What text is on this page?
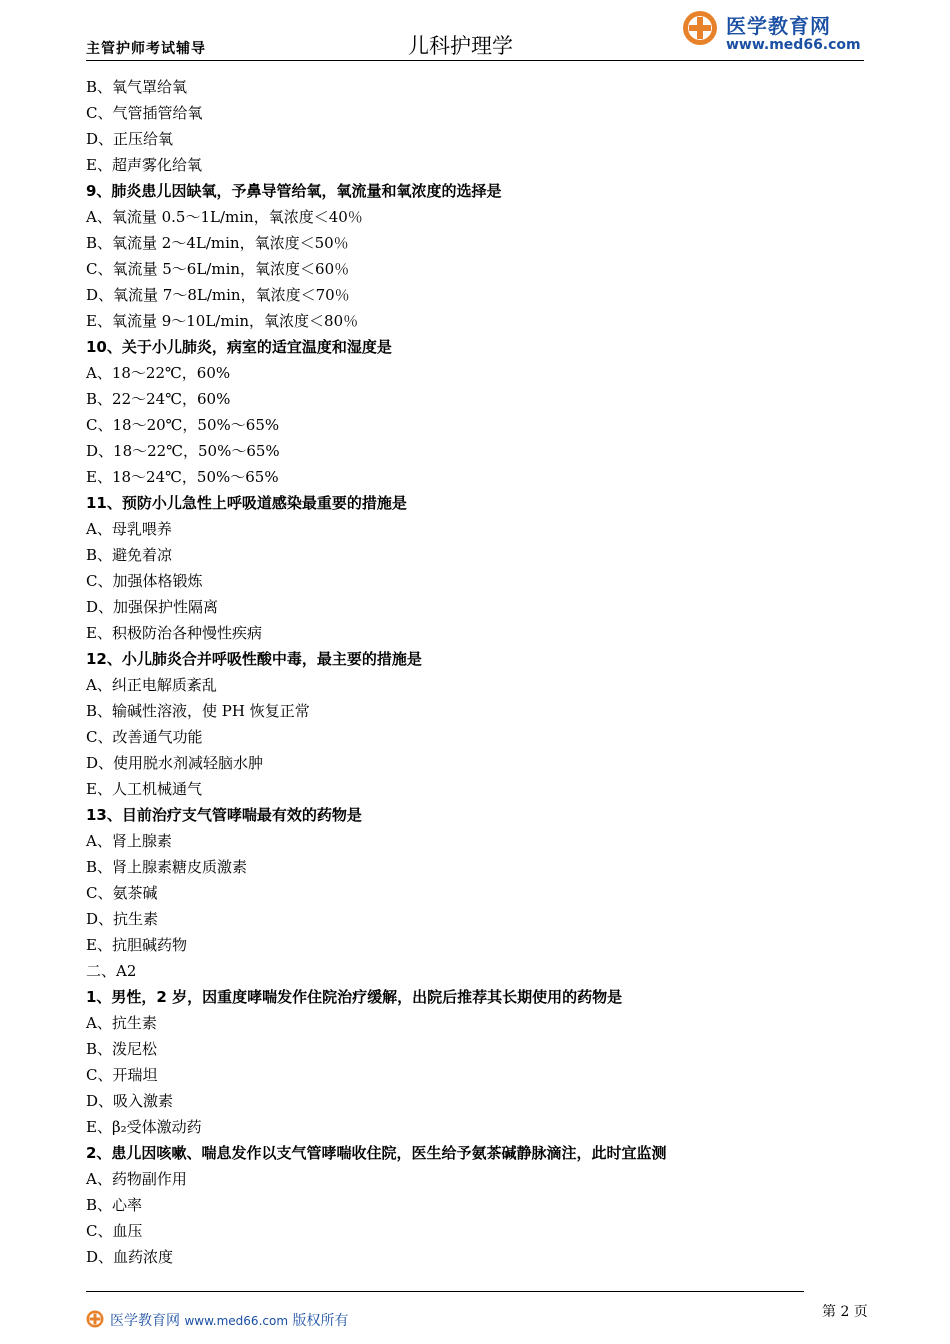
主管护师考试辅导	儿科护理学
医学教育网
www.med66.com
B、氧气罩给氧
C、气管插管给氧
D、正压给氧
E、超声雾化给氧
9、肺炎患儿因缺氧，予鼻导管给氧，氧流量和氧浓度的选择是
A、氧流量 0.5～1L/min，氧浓度＜40％
B、氧流量 2～4L/min，氧浓度＜50％
C、氧流量 5～6L/min，氧浓度＜60％
D、氧流量 7～8L/min，氧浓度＜70％
E、氧流量 9～10L/min，氧浓度＜80％
10、关于小儿肺炎，病室的适宜温度和湿度是
A、18～22℃，60%
B、22～24℃，60%
C、18～20℃，50%～65%
D、18～22℃，50%～65%
E、18～24℃，50%～65%
11、预防小儿急性上呼吸道感染最重要的措施是
A、母乳喂养
B、避免着凉
C、加强体格锻炼
D、加强保护性隔离
E、积极防治各种慢性疾病
12、小儿肺炎合并呼吸性酸中毒，最主要的措施是
A、纠正电解质紊乱
B、输碱性溶液，使 PH 恢复正常
C、改善通气功能
D、使用脱水剂减轻脑水肿
E、人工机械通气
13、目前治疗支气管哮喘最有效的药物是
A、肾上腺素
B、肾上腺素糖皮质激素
C、氨茶碱
D、抗生素
E、抗胆碱药物
二、A2
1、男性，2 岁，因重度哮喘发作住院治疗缓解，出院后推荐其长期使用的药物是
A、抗生素
B、泼尼松
C、开瑞坦
D、吸入激素
E、β₂受体激动药
2、患儿因咳嗽、喘息发作以支气管哮喘收住院，医生给予氨茶碱静脉滴注，此时宜监测
A、药物副作用
B、心率
C、血压
D、血药浓度
医学教育网 www.med66.com 版权所有
第 2 页
